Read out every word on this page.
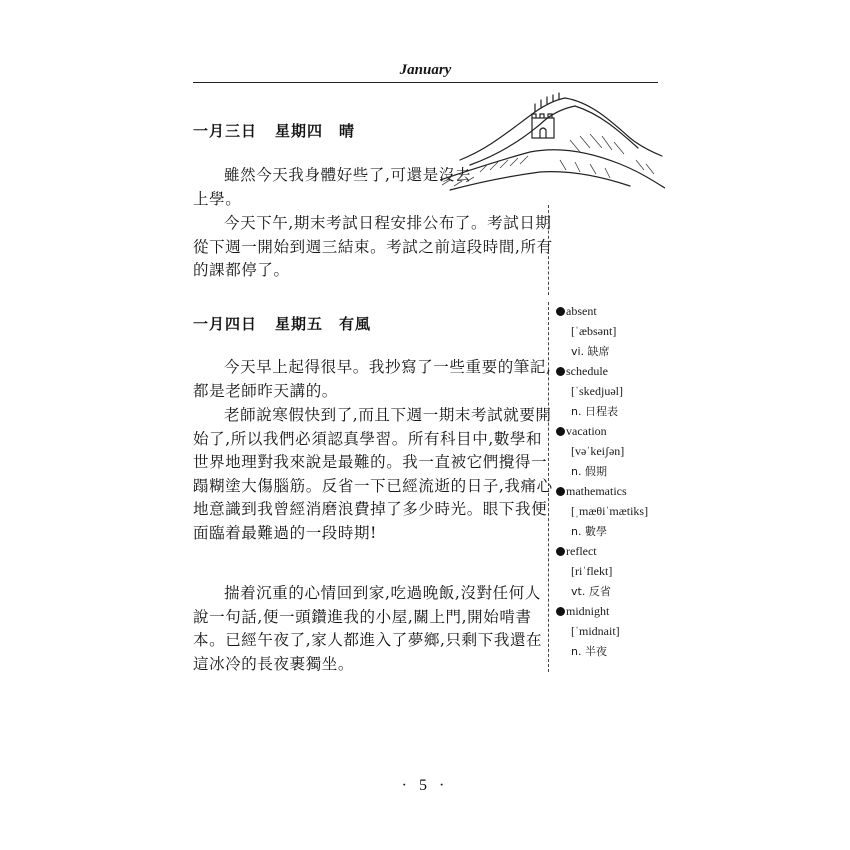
January
一月三日 星期四 晴

雖然今天我身體好些了,可還是沒去上學。

今天下午,期末考試日程安排公布了。考試日期從下週一開始到週三結束。考試之前這段時間,所有的課都停了。

一月四日 星期五 有風

今天早上起得很早。我抄寫了一些重要的筆記,都是老師昨天講的。

老師說寒假快到了,而且下週一期末考試就要開始了,所以我們必須認真學習。所有科目中,數學和世界地理對我來說是最難的。我一直被它們攪得一蹋糊塗大傷腦筋。反省一下已經流逝的日子,我痛心地意識到我曾經消磨浪費掉了多少時光。眼下我便面臨着最難過的一段時期!

揣着沉重的心情回到家,吃過晚飯,沒對任何人說一句話,便一頭鑽進我的小屋,關上門,開始啃書本。已經午夜了,家人都進入了夢鄉,只剩下我還在這冰冷的長夜裹獨坐。

absent
[ˈæbsənt]
vi. 缺席
schedule
[ˈskedjuəl]
n. 日程表
vacation
[vəˈkeiʃən]
n. 假期
mathematics
[ˌmæθiˈmætiks]
n. 數學
reflect
[riˈflekt]
vt. 反省
midnight
[ˈmidnait]
n. 半夜
· 5 ·
